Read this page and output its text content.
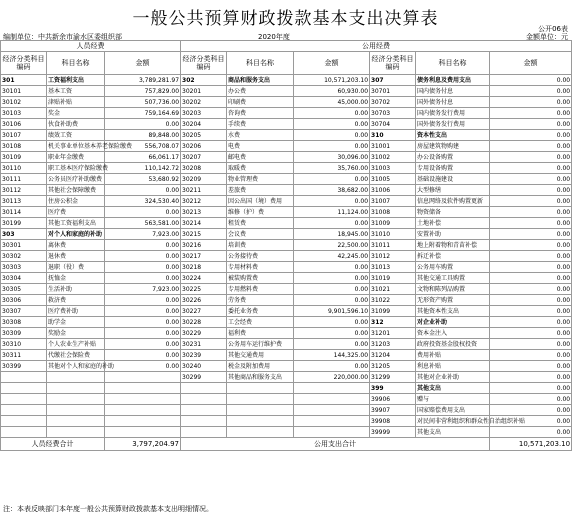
一般公共预算财政拨款基本支出决算表	公开06表
编制单位：中共新余市渝水区委组织部	2020年度	金额单位：元
人员经费			公用经费					
经济分类科目编码	科目名称	金额	经济分类科目编码	科目名称	金额	经济分类科目编码	科目名称	金额
301	工资福利支出	3,789,281.97	302	商品和服务支出	10,571,203.10	307	债务利息及费用支出	0.00
30101	基本工资	757,829.00	30201	办公费	60,930.00	30701	国内债务付息	0.00
30102	津贴补贴	507,736.00	30202	印刷费	45,000.00	30702	国外债务付息	0.00
30103	奖金	759,164.69	30203	咨询费	0.00	30703	国内债务发行费用	0.00
30106	伙食补助费	0.00	30204	手续费	0.00	30704	国外债务发行费用	0.00
30107	绩效工资	89,848.00	30205	水费	0.00	310	资本性支出	0.00
30108	机关事业单位基本养老保险缴费	556,708.07	30206	电费	0.00	31001	房屋建筑物购建	0.00
30109	职业年金缴费	66,061.17	30207	邮电费	30,096.00	31002	办公设备购置	0.00
30110	职工基本医疗保险缴费	110,142.72	30208	取暖费	35,760.00	31003	专用设备购置	0.00
30111	公务员医疗补助缴费	53,680.92	30209	物业管理费	0.00	31005	基础设施建设	0.00
30112	其他社会保障缴费	0.00	30211	差旅费	38,682.00	31006	大型修缮	0.00
30113	住房公积金	324,530.40	30212	因公出国（境）费用	0.00	31007	信息网络及软件购置更新	0.00
30114	医疗费	0.00	30213	维修（护）费	11,124.00	31008	物资储备	0.00
30199	其他工资福利支出	563,581.00	30214	租赁费	0.00	31009	土地补偿	0.00
303	对个人和家庭的补助	7,923.00	30215	会议费	18,945.00	31010	安置补助	0.00
30301	离休费	0.00	30216	培训费	22,500.00	31011	地上附着物和青苗补偿	0.00
30302	退休费	0.00	30217	公务接待费	42,245.00	31012	拆迁补偿	0.00
30303	退职（役）费	0.00	30218	专用材料费	0.00	31013	公务用车购置	0.00
30304	抚恤金	0.00	30224	被装购置费	0.00	31019	其他交通工具购置	0.00
30305	生活补助	7,923.00	30225	专用燃料费	0.00	31021	文物和陈列品购置	0.00
30306	救济费	0.00	30226	劳务费	0.00	31022	无形资产购置	0.00
30307	医疗费补助	0.00	30227	委托业务费	9,901,596.10	31099	其他资本性支出	0.00
30308	助学金	0.00	30228	工会经费	0.00	312	对企业补助	0.00
30309	奖励金	0.00	30229	福利费	0.00	31201	资本金注入	0.00
30310	个人农业生产补贴	0.00	30231	公务用车运行维护费	0.00	31203	政府投资基金股权投资	0.00
30311	代缴社会保险费	0.00	30239	其他交通费用	144,325.00	31204	费用补贴	0.00
30399	其他对个人和家庭的补助	0.00	30240	税金及附加费用	0.00	31205	利息补贴	0.00
			30299	其他商品和服务支出	220,000.00	31299	其他对企业补助	0.00
						399	其他支出	0.00
						39906	赠与	0.00
						39907	国家赔偿费用支出	0.00
						39908	对民间非营利组织和群众性自治组织补贴	0.00
						39999	其他支出	0.00
人员经费合计		3,797,204.97	公用支出合计					10,571,203.10
注：本表反映部门本年度一般公共预算财政拨款基本支出明细情况。
